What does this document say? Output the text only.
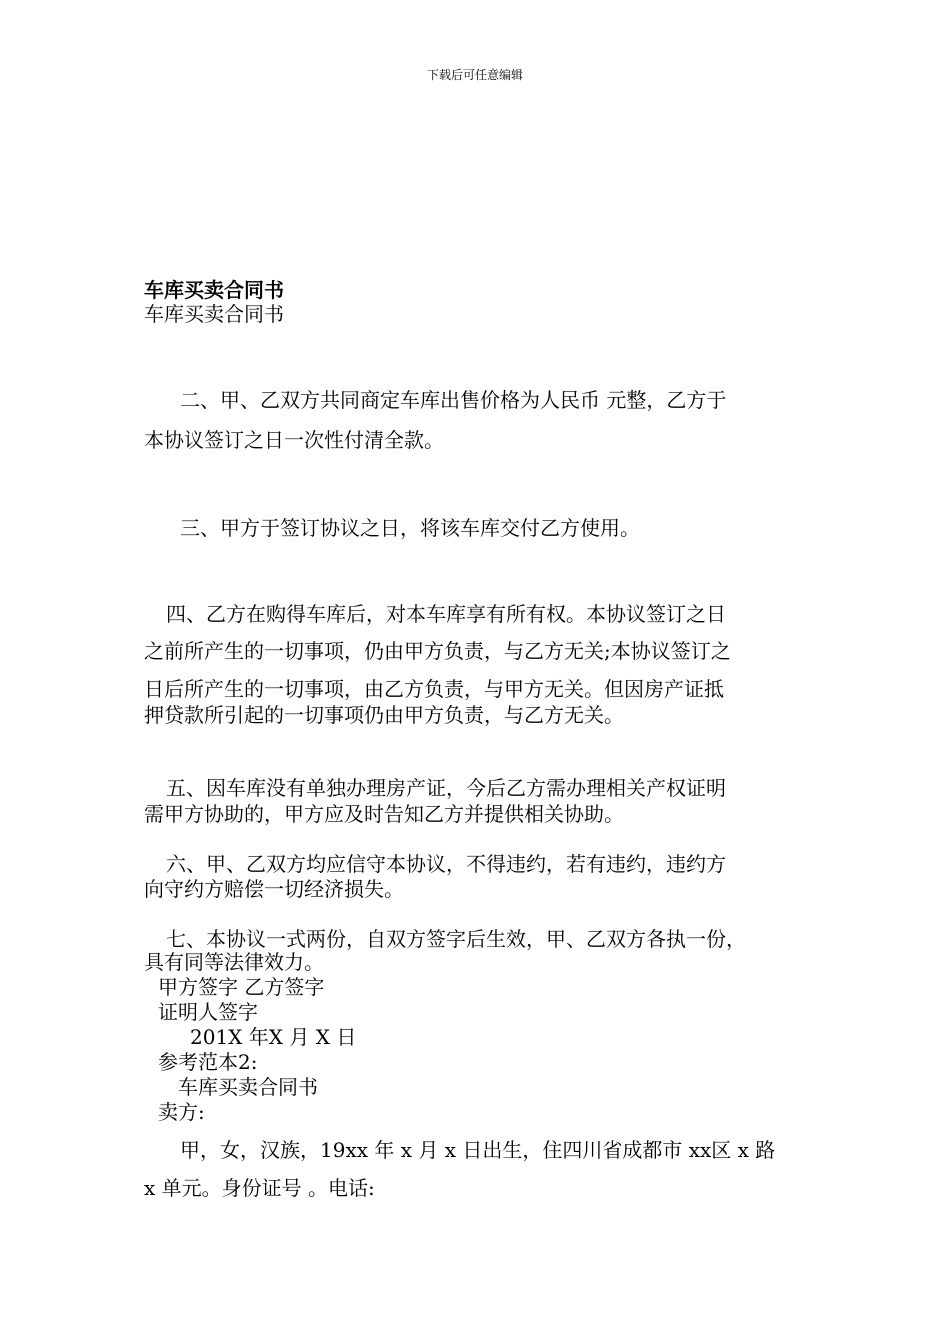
下载后可任意编辑
车库买卖合同书
车库买卖合同书
　二、甲、乙双方共同商定车库出售价格为人民币 元整，乙方于
本协议签订之日一次性付清全款。
　三、甲方于签订协议之日，将该车库交付乙方使用。
四、乙方在购得车库后，对本车库享有所有权。本协议签订之日
之前所产生的一切事项，仍由甲方负责，与乙方无关;本协议签订之
日后所产生的一切事项，由乙方负责，与甲方无关。但因房产证抵
押贷款所引起的一切事项仍由甲方负责，与乙方无关。
五、因车库没有单独办理房产证，今后乙方需办理相关产权证明
需甲方协助的，甲方应及时告知乙方并提供相关协助。
六、甲、乙双方均应信守本协议，不得违约，若有违约，违约方
向守约方赔偿一切经济损失。
七、本协议一式两份，自双方签字后生效，甲、乙双方各执一份，
具有同等法律效力。
甲方签字 乙方签字
证明人签字
201X 年X 月 X 日
参考范本2:
车库买卖合同书
卖方:
甲，女，汉族，19xx 年 x 月 x 日出生，住四川省成都市 xx区 x 路
x 单元。身份证号 。电话:
